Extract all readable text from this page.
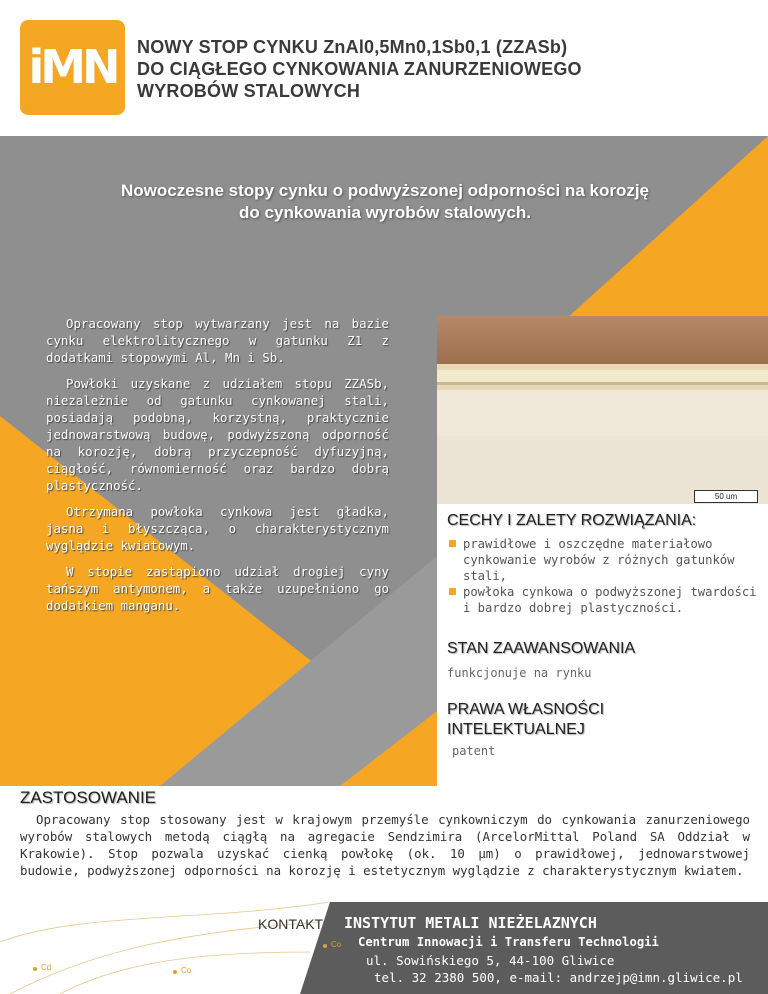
iMN	NOWY STOP CYNKU ZnAl0,5Mn0,1Sb0,1 (ZZASb)
DO CIĄGŁEGO CYNKOWANIA ZANURZENIOWEGO
WYROBÓW STALOWYCH
Nowoczesne stopy cynku o podwyższonej odporności na korozję
do cynkowania wyrobów stalowych.

Opracowany stop wytwarzany jest na bazie cynku elektrolitycznego w gatunku Z1 z dodatkami stopowymi Al, Mn i Sb.

Powłoki uzyskane z udziałem stopu ZZASb, niezależnie od gatunku cynkowanej stali, posiadają podobną, korzystną, praktycznie jednowarstwową budowę, podwyższoną odporność na korozję, dobrą przyczepność dyfuzyjną, ciągłość, równomierność oraz bardzo dobrą plastyczność.

Otrzymana powłoka cynkowa jest gładka, jasna i błyszcząca, o charakterystycznym wyglądzie kwiatowym.

W stopie zastąpiono udział drogiej cyny tańszym antymonem, a także uzupełniono go dodatkiem manganu.

50 um
CECHY I ZALETY ROZWIĄZANIA:
prawidłowe i oszczędne materiałowo cynkowanie wyrobów z różnych gatunków stali,
powłoka cynkowa o podwyższonej twardości i bardzo dobrej plastyczności.
STAN ZAAWANSOWANIA
funkcjonuje na rynku
PRAWA WŁASNOŚCI
INTELEKTUALNEJ
patent
ZASTOSOWANIE
Opracowany stop stosowany jest w krajowym przemyśle cynkowniczym do cynkowania zanurzeniowego wyrobów stalowych metodą ciągłą na agregacie Sendzimira (ArcelorMittal Poland SA Oddział w Krakowie). Stop pozwala uzyskać cienką powłokę (ok. 10 µm) o prawidłowej, jednowarstwowej budowie, podwyższonej odporności na korozję i estetycznym wyglądzie z charakterystycznym kwiatem.
Cd	Co
Co
KONTAKT INSTYTUT METALI NIEŻELAZNYCH
Centrum Innowacji i Transferu Technologii
ul. Sowińskiego 5, 44-100 Gliwice
tel. 32 2380 500, e-mail: andrzejp@imn.gliwice.pl
